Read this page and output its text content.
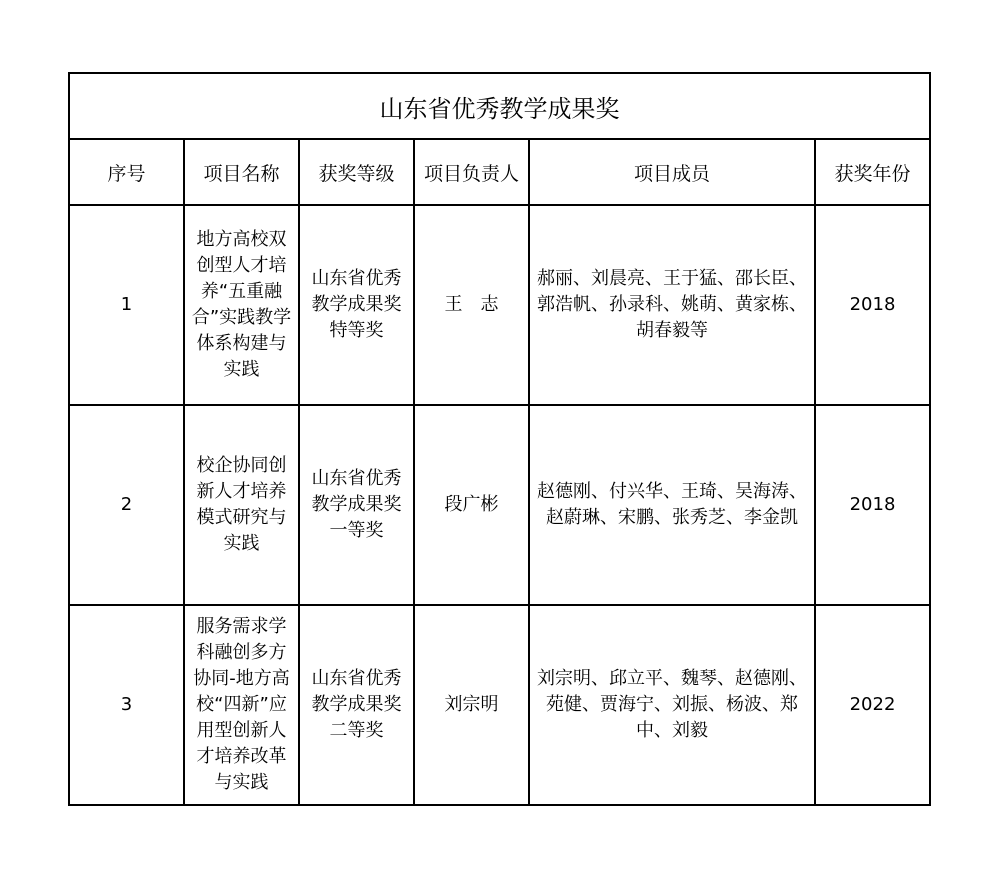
山东省优秀教学成果奖					
序号	项目名称	获奖等级	项目负责人	项目成员	获奖年份
1	地方高校双创型人才培养“五重融合”实践教学体系构建与实践	山东省优秀教学成果奖特等奖	王　志	郝丽、刘晨亮、王于猛、邵长臣、郭浩帆、孙录科、姚萌、黄家栋、胡春毅等	2018
2	校企协同创新人才培养模式研究与实践	山东省优秀教学成果奖一等奖	段广彬	赵德刚、付兴华、王琦、吴海涛、赵蔚琳、宋鹏、张秀芝、李金凯	2018
3	服务需求学科融创多方协同-地方高校“四新”应用型创新人才培养改革与实践	山东省优秀教学成果奖二等奖	刘宗明	刘宗明、邱立平、魏琴、赵德刚、苑健、贾海宁、刘振、杨波、郑中、刘毅	2022
